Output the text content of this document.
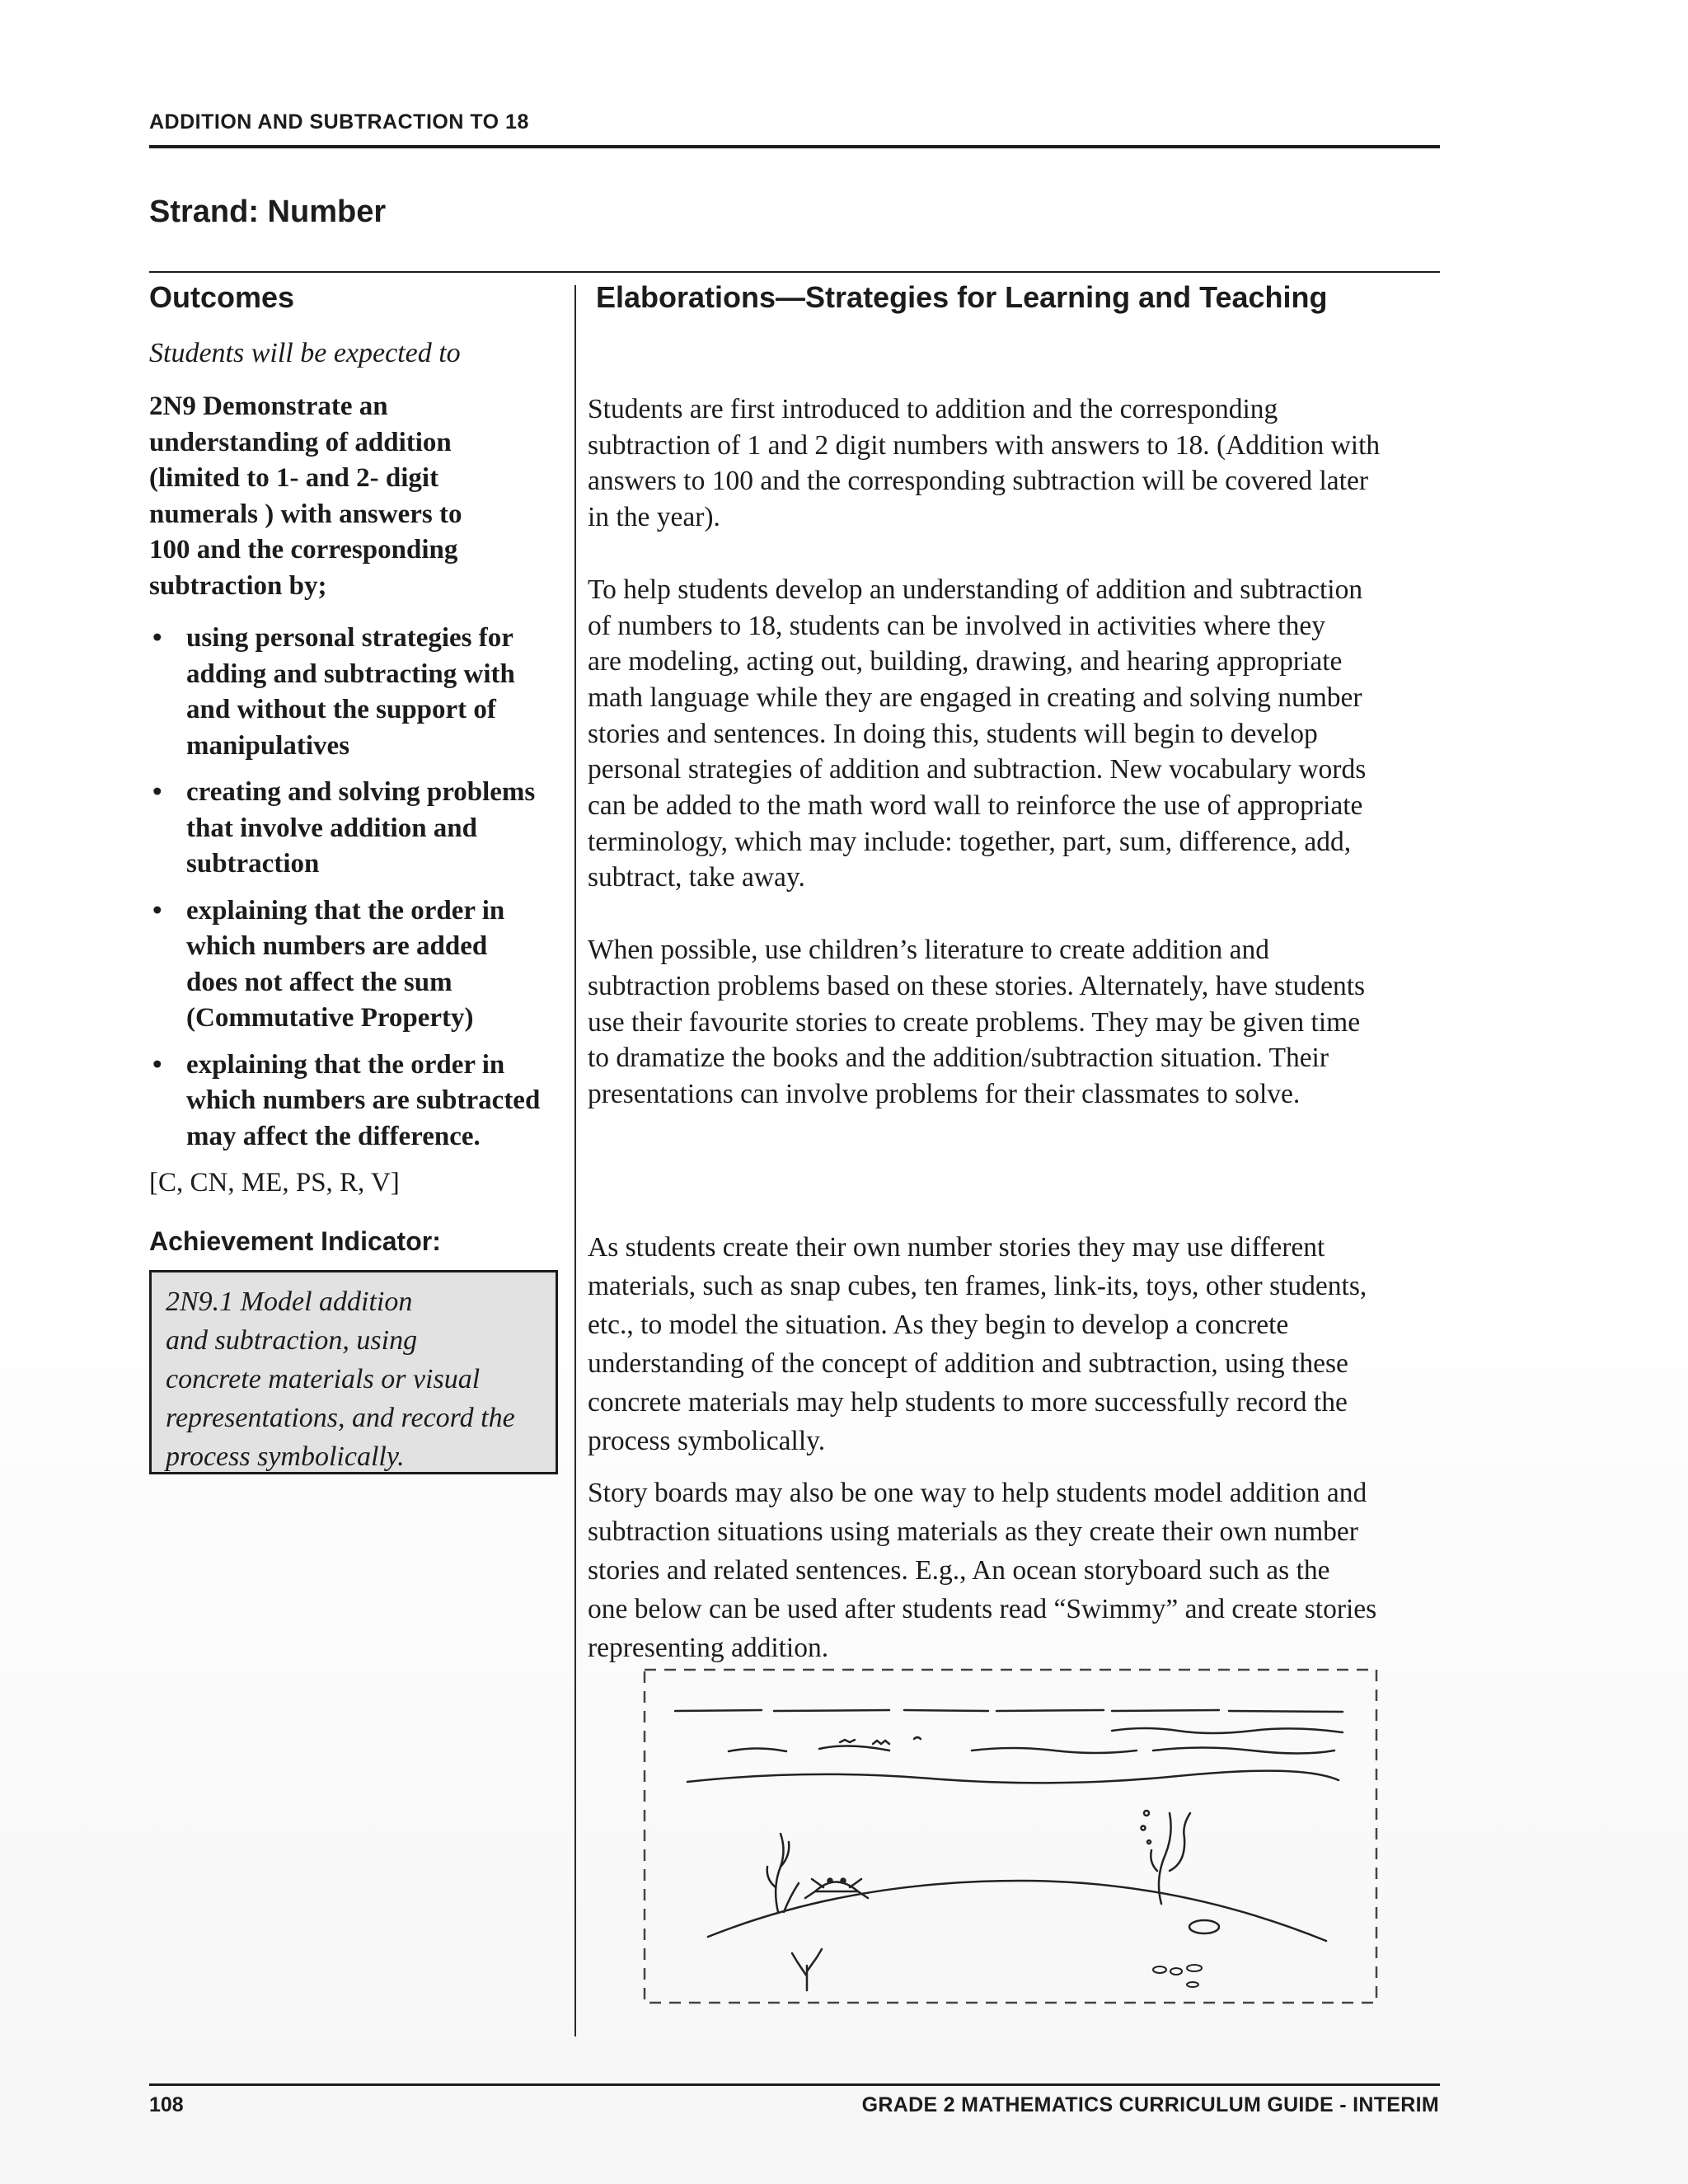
ADDITION AND SUBTRACTION TO 18
Strand: Number
Outcomes	Elaborations—Strategies for Learning and Teaching

Students will be expected to

2N9 Demonstrate an
understanding of addition
(limited to 1- and 2- digit
numerals ) with answers to
100 and the corresponding
subtraction by;

• using personal strategies for
adding and subtracting with
and without the support of
manipulatives
• creating and solving problems
that involve addition and
subtraction
• explaining that the order in
which numbers are added
does not affect the sum
(Commutative Property)
• explaining that the order in
which numbers are subtracted
may affect the difference.

[C, CN, ME, PS, R, V]

Achievement Indicator:
2N9.1 Model addition
and subtraction, using
concrete materials or visual
representations, and record the
process symbolically.

Students are first introduced to addition and the corresponding
subtraction of 1 and 2 digit numbers with answers to 18. (Addition with
answers to 100 and the corresponding subtraction will be covered later
in the year).

To help students develop an understanding of addition and subtraction
of numbers to 18, students can be involved in activities where they
are modeling, acting out, building, drawing, and hearing appropriate
math language while they are engaged in creating and solving number
stories and sentences. In doing this, students will begin to develop
personal strategies of addition and subtraction. New vocabulary words
can be added to the math word wall to reinforce the use of appropriate
terminology, which may include: together, part, sum, difference, add,
subtract, take away.

When possible, use children’s literature to create addition and
subtraction problems based on these stories. Alternately, have students
use their favourite stories to create problems. They may be given time
to dramatize the books and the addition/subtraction situation. Their
presentations can involve problems for their classmates to solve.

As students create their own number stories they may use different
materials, such as snap cubes, ten frames, link-its, toys, other students,
etc., to model the situation. As they begin to develop a concrete
understanding of the concept of addition and subtraction, using these
concrete materials may help students to more successfully record the
process symbolically.

Story boards may also be one way to help students model addition and
subtraction situations using materials as they create their own number
stories and related sentences. E.g., An ocean storyboard such as the
one below can be used after students read “Swimmy” and create stories
representing addition.

108	GRADE 2 MATHEMATICS CURRICULUM GUIDE - INTERIM
